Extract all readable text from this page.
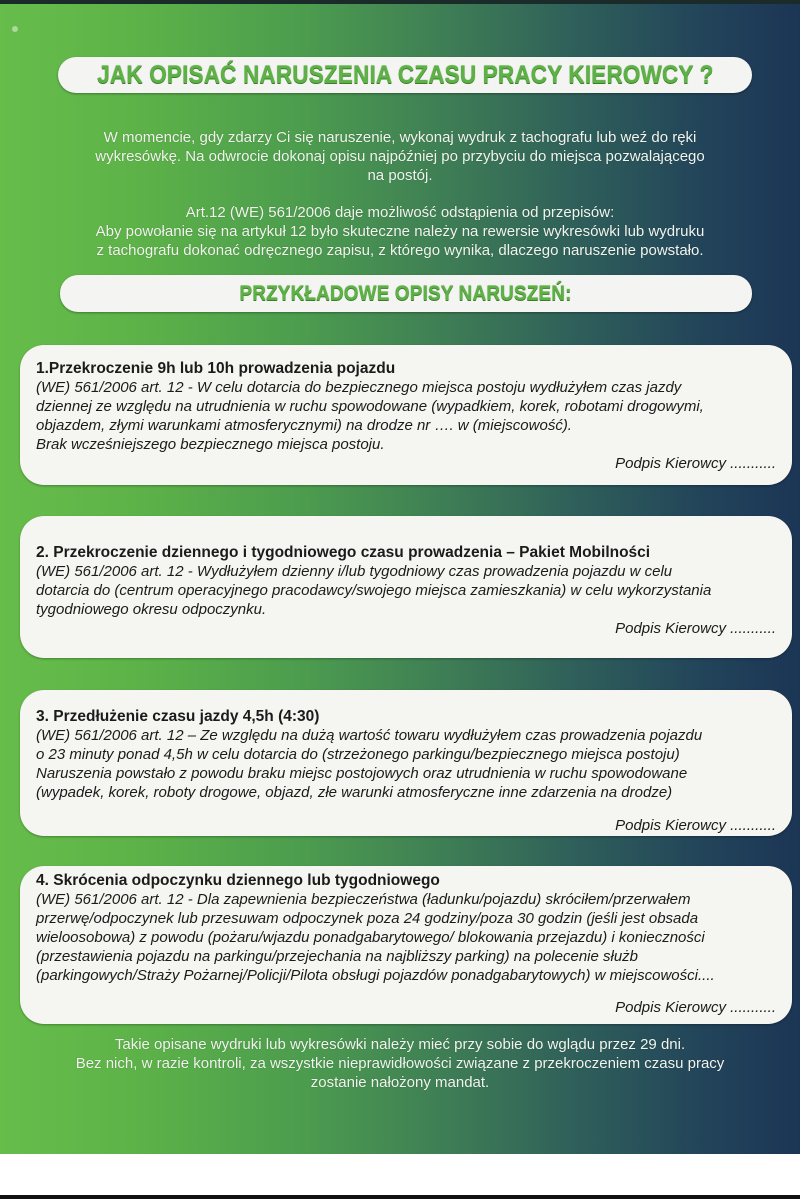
JAK OPISAĆ NARUSZENIA CZASU PRACY KIEROWCY ?

W momencie, gdy zdarzy Ci się naruszenie, wykonaj wydruk z tachografu lub weź do ręki

wykresówkę. Na odwrocie dokonaj opisu najpóźniej po przybyciu do miejsca pozwalającego

na postój.

Art.12 (WE) 561/2006 daje możliwość odstąpienia od przepisów:

Aby powołanie się na artykuł 12 było skuteczne należy na rewersie wykresówki lub wydruku

z tachografu dokonać odręcznego zapisu, z którego wynika, dlaczego naruszenie powstało.

PRZYKŁADOWE OPISY NARUSZEŃ:

1.Przekroczenie 9h lub 10h prowadzenia pojazdu

(WE) 561/2006 art. 12 - W celu dotarcia do bezpiecznego miejsca postoju wydłużyłem czas jazdy

dziennej ze względu na utrudnienia w ruchu spowodowane (wypadkiem, korek, robotami drogowymi,

objazdem, złymi warunkami atmosferycznymi) na drodze nr …. w (miejscowość).

Brak wcześniejszego bezpiecznego miejsca postoju.

Podpis Kierowcy ...........

2. Przekroczenie dziennego i tygodniowego czasu prowadzenia – Pakiet Mobilności

(WE) 561/2006 art. 12 - Wydłużyłem dzienny i/lub tygodniowy czas prowadzenia pojazdu w celu

dotarcia do (centrum operacyjnego pracodawcy/swojego miejsca zamieszkania) w celu wykorzystania

tygodniowego okresu odpoczynku.

Podpis Kierowcy ...........

3. Przedłużenie czasu jazdy 4,5h (4:30)

(WE) 561/2006 art. 12 – Ze względu na dużą wartość towaru wydłużyłem czas prowadzenia pojazdu

o 23 minuty ponad 4,5h w celu dotarcia do (strzeżonego parkingu/bezpiecznego miejsca postoju)

Naruszenia powstało z powodu braku miejsc postojowych oraz utrudnienia w ruchu spowodowane

(wypadek, korek, roboty drogowe, objazd, złe warunki atmosferyczne inne zdarzenia na drodze)

Podpis Kierowcy ...........

4. Skrócenia odpoczynku dziennego lub tygodniowego

(WE) 561/2006 art. 12 - Dla zapewnienia bezpieczeństwa (ładunku/pojazdu) skróciłem/przerwałem

przerwę/odpoczynek lub przesuwam odpoczynek poza 24 godziny/poza 30 godzin (jeśli jest obsada

wieloosobowa) z powodu (pożaru/wjazdu ponadgabarytowego/ blokowania przejazdu) i konieczności

(przestawienia pojazdu na parkingu/przejechania na najbliższy parking) na polecenie służb

(parkingowych/Straży Pożarnej/Policji/Pilota obsługi pojazdów ponadgabarytowych) w miejscowości....

Podpis Kierowcy ...........

Takie opisane wydruki lub wykresówki należy mieć przy sobie do wglądu przez 29 dni.

Bez nich, w razie kontroli, za wszystkie nieprawidłowości związane z przekroczeniem czasu pracy

zostanie nałożony mandat.
